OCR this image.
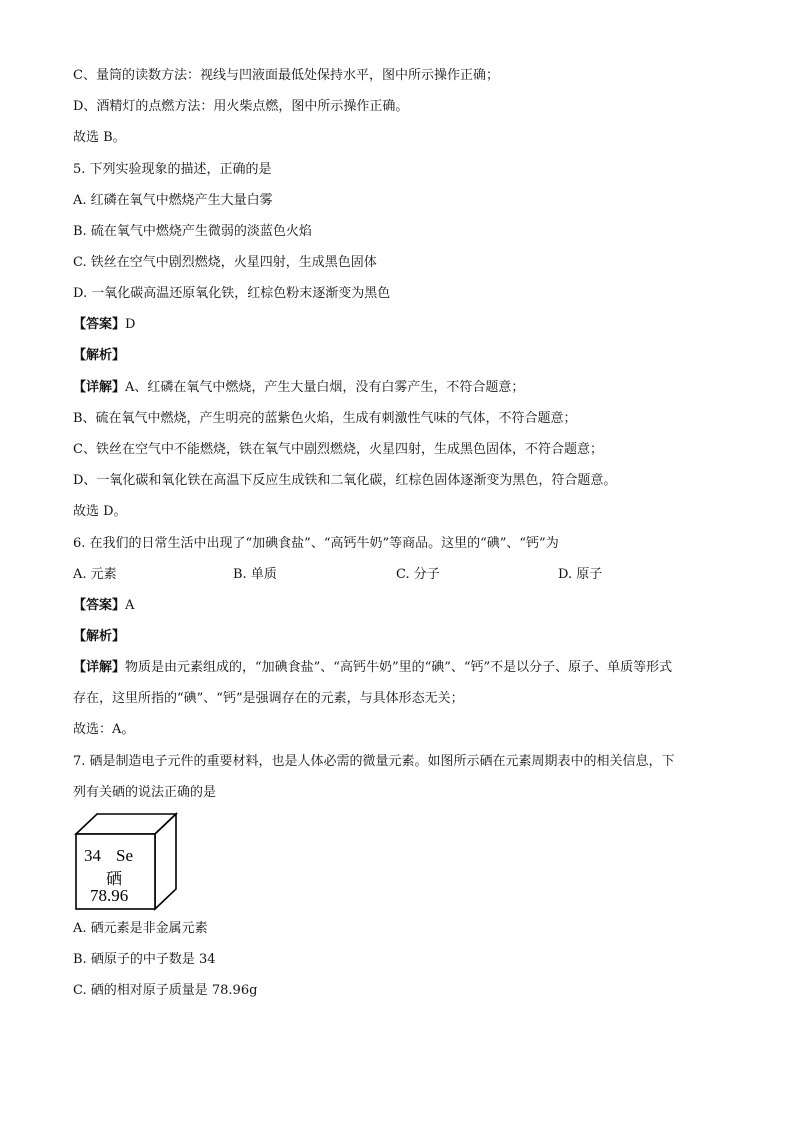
C、量筒的读数方法：视线与凹液面最低处保持水平，图中所示操作正确；
D、酒精灯的点燃方法：用火柴点燃，图中所示操作正确。
故选 B。
5. 下列实验现象的描述，正确的是
A. 红磷在氧气中燃烧产生大量白雾
B. 硫在氧气中燃烧产生微弱的淡蓝色火焰
C. 铁丝在空气中剧烈燃烧，火星四射，生成黑色固体
D. 一氧化碳高温还原氧化铁，红棕色粉末逐渐变为黑色
【答案】D
【解析】
【详解】A、红磷在氧气中燃烧，产生大量白烟，没有白雾产生，不符合题意；
B、硫在氧气中燃烧，产生明亮的蓝紫色火焰，生成有刺激性气味的气体，不符合题意；
C、铁丝在空气中不能燃烧，铁在氧气中剧烈燃烧，火星四射，生成黑色固体，不符合题意；
D、一氧化碳和氧化铁在高温下反应生成铁和二氧化碳，红棕色固体逐渐变为黑色，符合题意。
故选 D。
6. 在我们的日常生活中出现了“加碘食盐”、“高钙牛奶”等商品。这里的“碘”、“钙”为
A. 元素	B. 单质	C. 分子	D. 原子
【答案】A
【解析】
【详解】物质是由元素组成的，“加碘食盐”、“高钙牛奶”里的“碘”、“钙”不是以分子、原子、单质等形式
存在，这里所指的“碘”、“钙”是强调存在的元素，与具体形态无关；
故选：A。
7. 硒是制造电子元件的重要材料，也是人体必需的微量元素。如图所示硒在元素周期表中的相关信息，下
列有关硒的说法正确的是
34 Se
硒
78.96
A. 硒元素是非金属元素
B. 硒原子的中子数是 34
C. 硒的相对原子质量是 78.96g
